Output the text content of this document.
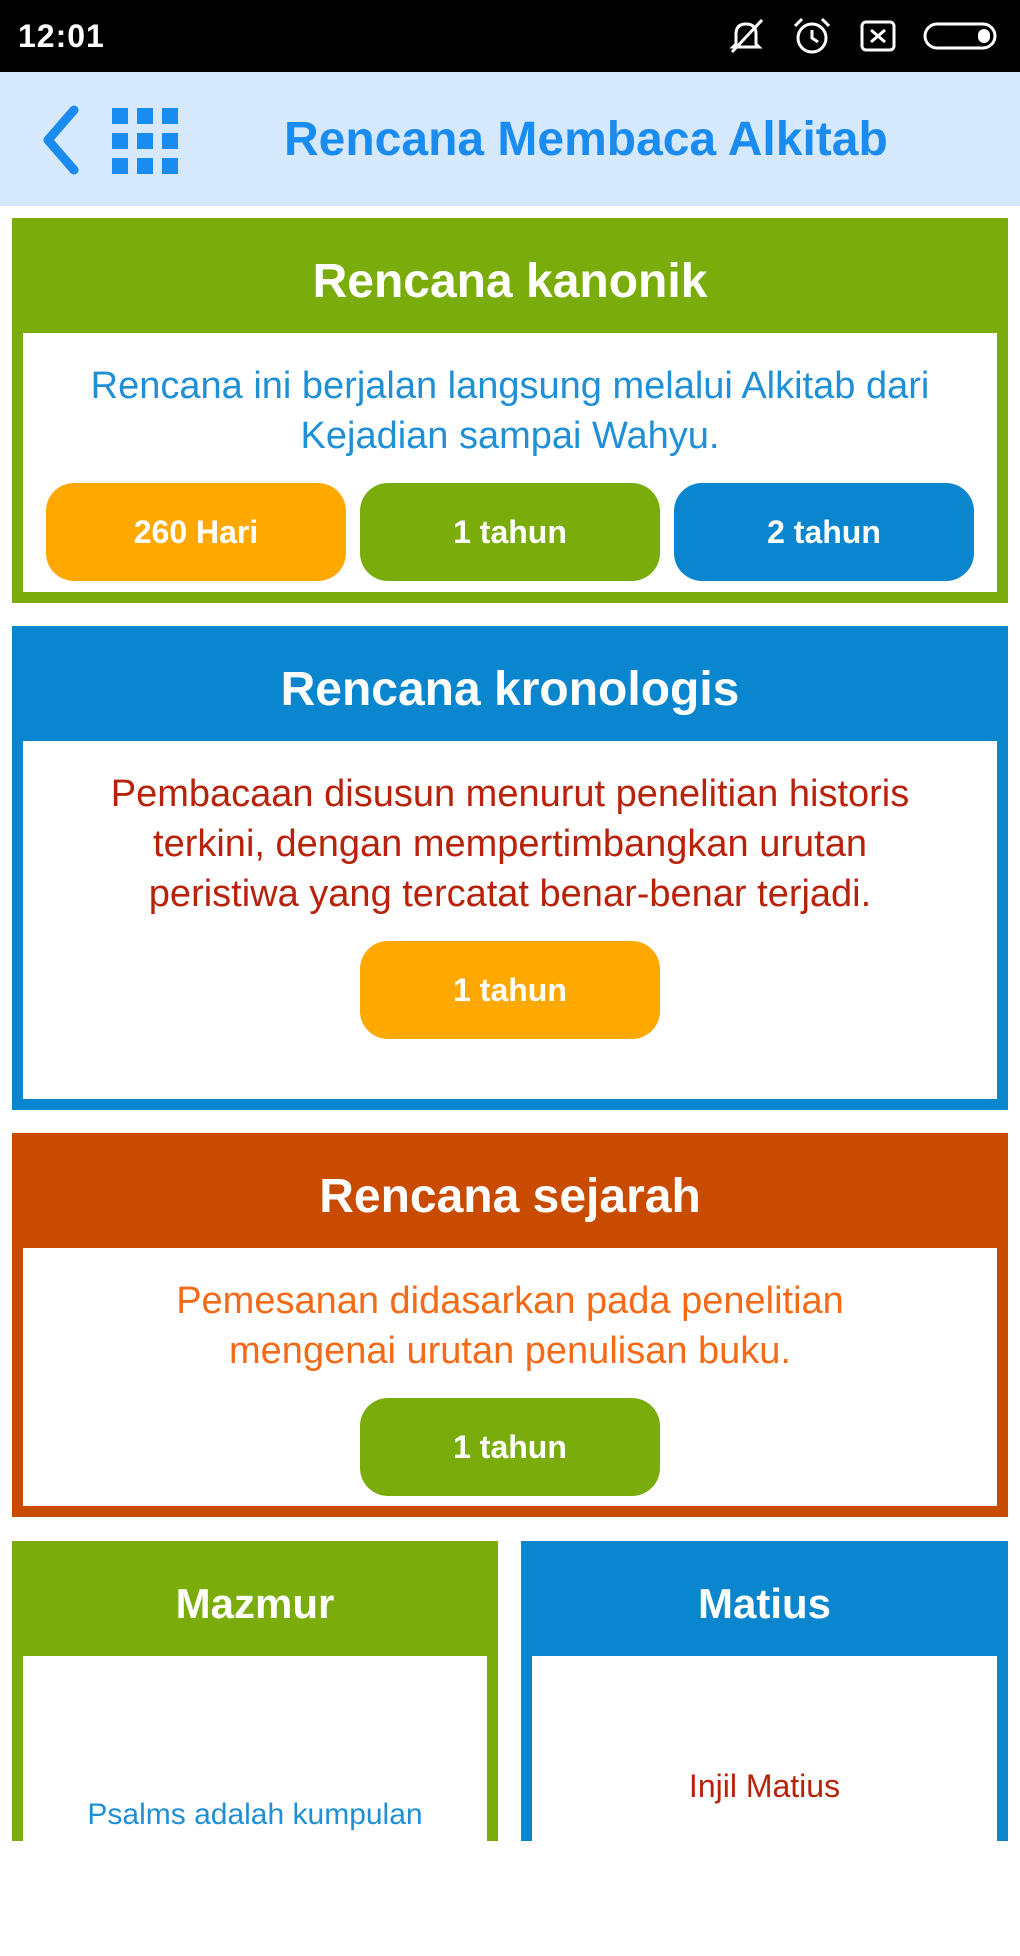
12:01
Rencana Membaca Alkitab
Rencana kanonik
Rencana ini berjalan langsung melalui Alkitab dari Kejadian sampai Wahyu.
260 Hari	1 tahun	2 tahun
Rencana kronologis
Pembacaan disusun menurut penelitian historis terkini, dengan mempertimbangkan urutan peristiwa yang tercatat benar-benar terjadi.
1 tahun
Rencana sejarah
Pemesanan didasarkan pada penelitian mengenai urutan penulisan buku.
1 tahun
Mazmur
Psalms adalah kumpulan
Matius
Injil Matius
